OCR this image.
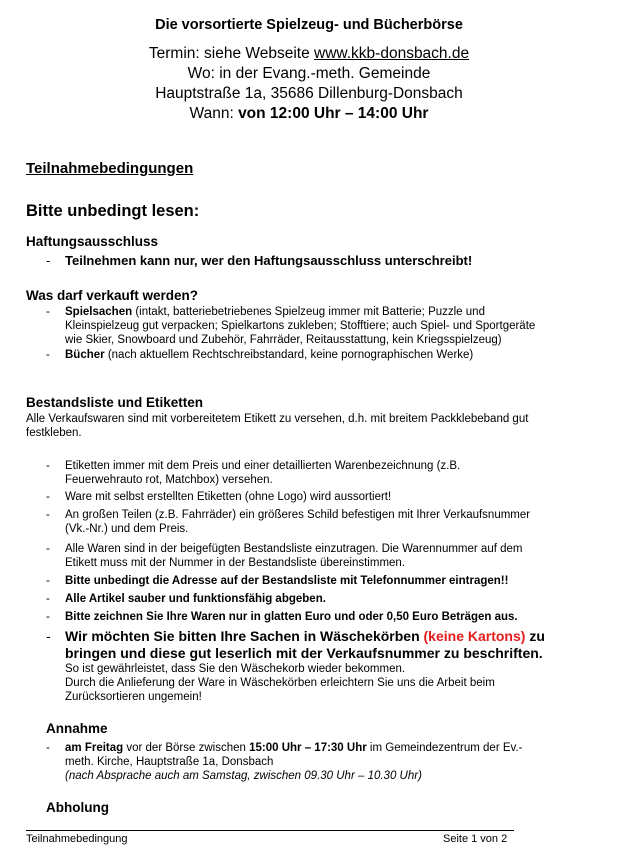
Die vorsortierte Spielzeug- und Bücherbörse
Termin: siehe Webseite www.kkb-donsbach.de
Wo: in der Evang.-meth. Gemeinde
Hauptstraße 1a, 35686 Dillenburg-Donsbach
Wann: von 12:00 Uhr – 14:00 Uhr
Teilnahmebedingungen
Bitte unbedingt lesen:
Haftungsausschluss
- Teilnehmen kann nur, wer den Haftungsausschluss unterschreibt!
Was darf verkauft werden?
- Spielsachen (intakt, batteriebetriebenes Spielzeug immer mit Batterie; Puzzle und
Kleinspielzeug gut verpacken; Spielkartons zukleben; Stofftiere; auch Spiel- und Sportgeräte
wie Skier, Snowboard und Zubehör, Fahrräder, Reitausstattung, kein Kriegsspielzeug)
- Bücher (nach aktuellem Rechtschreibstandard, keine pornographischen Werke)
Bestandsliste und Etiketten
Alle Verkaufswaren sind mit vorbereitetem Etikett zu versehen, d.h. mit breitem Packklebeband gut
festkleben.
- Etiketten immer mit dem Preis und einer detaillierten Warenbezeichnung (z.B.
Feuerwehrauto rot, Matchbox) versehen.
- Ware mit selbst erstellten Etiketten (ohne Logo) wird aussortiert!
- An großen Teilen (z.B. Fahrräder) ein größeres Schild befestigen mit Ihrer Verkaufsnummer
(Vk.-Nr.) und dem Preis.
- Alle Waren sind in der beigefügten Bestandsliste einzutragen. Die Warennummer auf dem
Etikett muss mit der Nummer in der Bestandsliste übereinstimmen.
- Bitte unbedingt die Adresse auf der Bestandsliste mit Telefonnummer eintragen!!
- Alle Artikel sauber und funktionsfähig abgeben.
- Bitte zeichnen Sie Ihre Waren nur in glatten Euro und oder 0,50 Euro Beträgen aus.
- Wir möchten Sie bitten Ihre Sachen in Wäschekörben (keine Kartons) zu
bringen und diese gut leserlich mit der Verkaufsnummer zu beschriften.
So ist gewährleistet, dass Sie den Wäschekorb wieder bekommen.
Durch die Anlieferung der Ware in Wäschekörben erleichtern Sie uns die Arbeit beim
Zurücksortieren ungemein!
Annahme
- am Freitag vor der Börse zwischen 15:00 Uhr – 17:30 Uhr im Gemeindezentrum der Ev.-
meth. Kirche, Hauptstraße 1a, Donsbach
(nach Absprache auch am Samstag, zwischen 09.30 Uhr – 10.30 Uhr)
Abholung
Teilnahmebedingung	Seite 1 von 2
